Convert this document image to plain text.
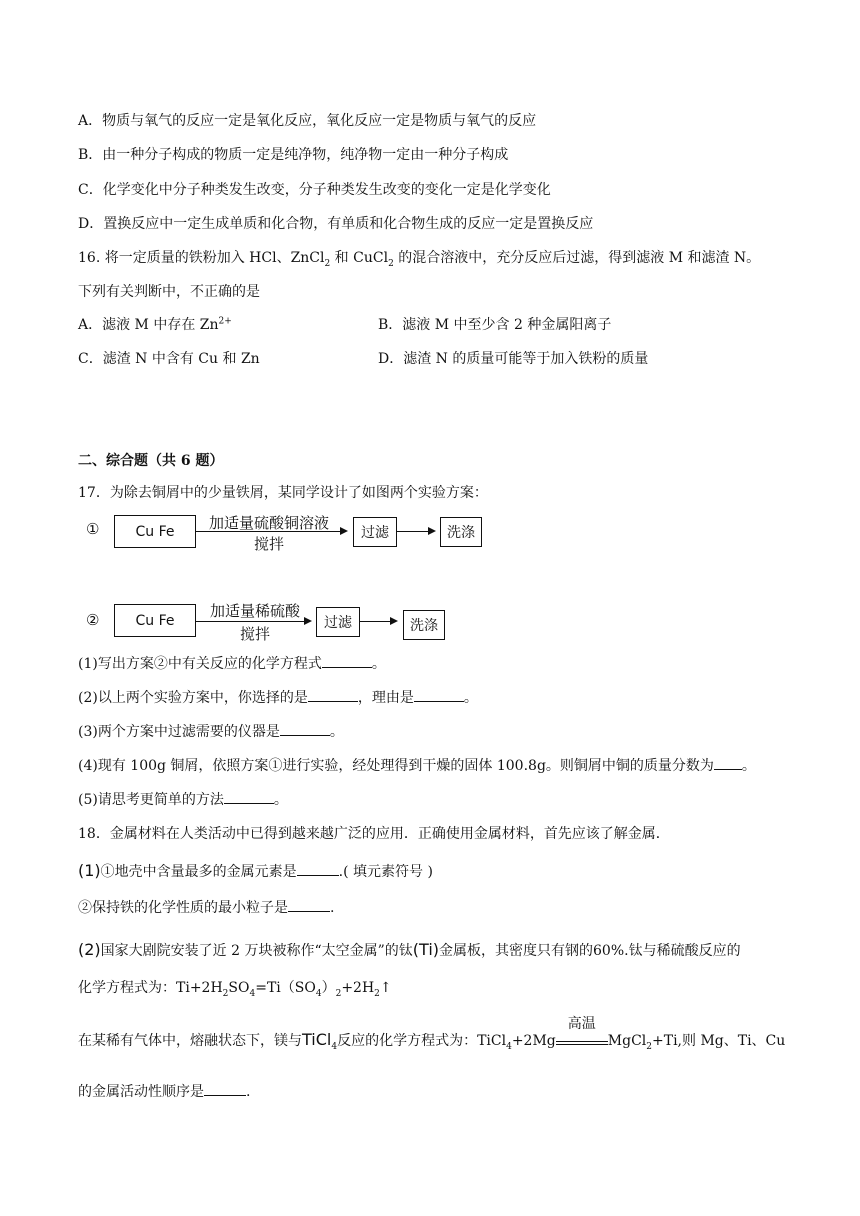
A．物质与氧气的反应一定是氧化反应，氧化反应一定是物质与氧气的反应
B．由一种分子构成的物质一定是纯净物，纯净物一定由一种分子构成
C．化学变化中分子种类发生改变，分子种类发生改变的变化一定是化学变化
D．置换反应中一定生成单质和化合物，有单质和化合物生成的反应一定是置换反应
16. 将一定质量的铁粉加入 HCl、ZnCl$_2$ 和 CuCl$_2$ 的混合溶液中，充分反应后过滤，得到滤液 M 和滤渣 N。
下列有关判断中，不正确的是
A．滤液 M 中存在 $Zn^{2+}$	B．滤液 M 中至少含 2 种金属阳离子
C．滤渣 N 中含有 Cu 和 Zn	D．滤渣 N 的质量可能等于加入铁粉的质量
二、综合题（共 6 题）
17．为除去铜屑中的少量铁屑，某同学设计了如图两个实验方案：
①	Cu Fe	加适量硫酸铜溶液
搅拌
过滤	洗涤
②	Cu Fe
加适量稀硫酸
搅拌
过滤	洗涤
(1)写出方案②中有关反应的化学方程式	。
(2)以上两个实验方案中，你选择的是	，理由是	。
(3)两个方案中过滤需要的仪器是	。
(4)现有 100g 铜屑，依照方案①进行实验，经处理得到干燥的固体 100.8g。则铜屑中铜的质量分数为 。
(5)请思考更简单的方法	。
18．金属材料在人类活动中已得到越来越广泛的应用．正确使用金属材料，首先应该了解金属．
(1)①地壳中含量最多的金属元素是	.( 填元素符号 )
②保持铁的化学性质的最小粒子是	.
(2)国家大剧院安装了近 2 万块被称作“太空金属”的钛(Ti)金属板，其密度只有钢的60%.钛与稀硫酸反应的
化学方程式为：$Ti+2H_2SO_4=Ti(SO_4)_2+2H_2↑$
在某稀有气体中，熔融状态下，镁与TiCl$_4$反应的化学方程式为：TiCl$_4$+2Mg
高温
MgCl$_2$+Ti,则 Mg、Ti、Cu
的金属活动性顺序是	.
